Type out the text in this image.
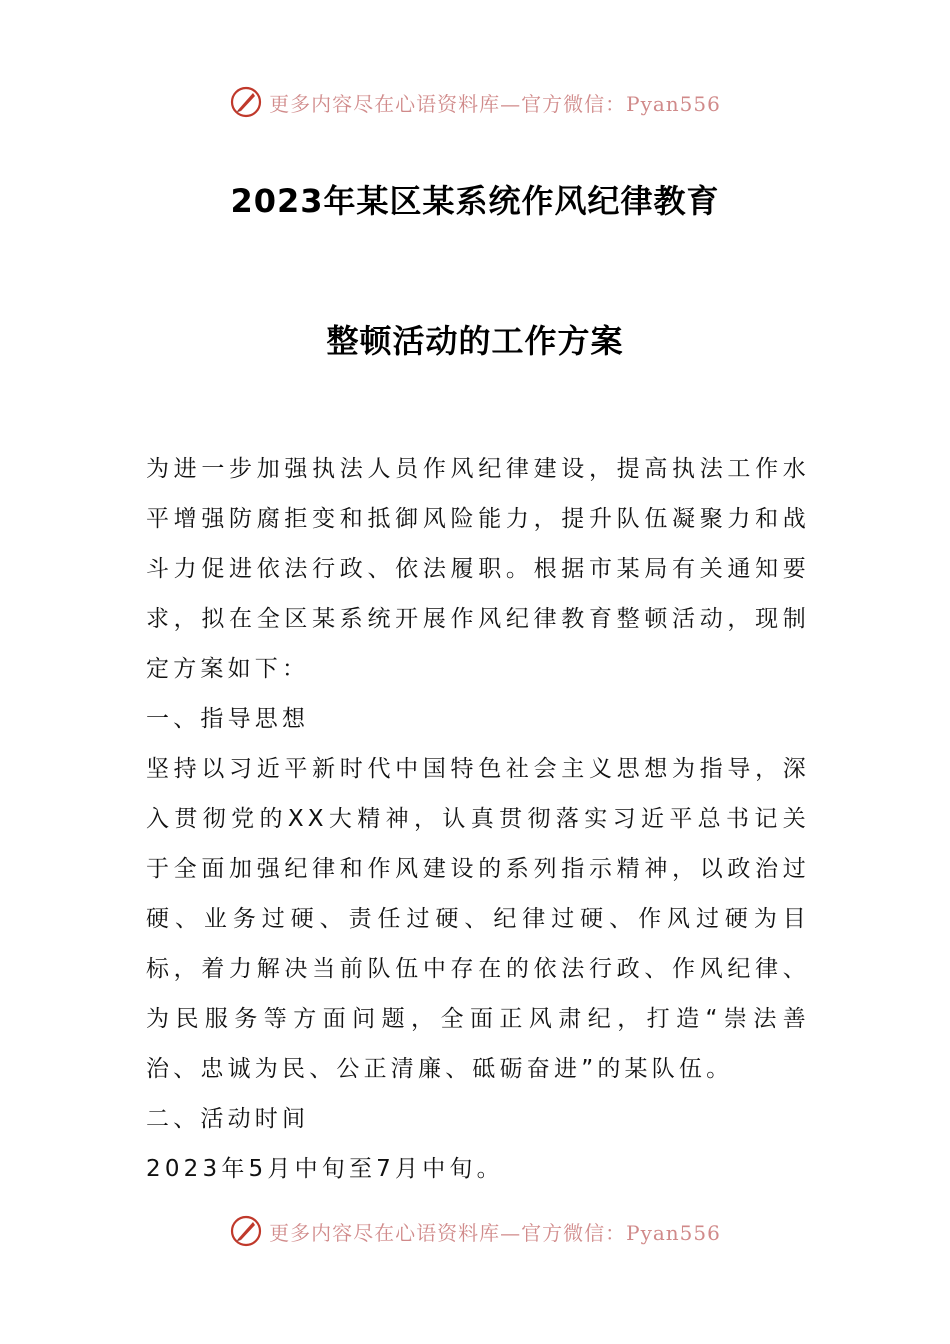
更多内容尽在心语资料库—官方微信：Pyan556
2023年某区某系统作风纪律教育
整顿活动的工作方案

为进一步加强执法人员作风纪律建设，提高执法工作水平增强防腐拒变和抵御风险能力，提升队伍凝聚力和战斗力促进依法行政、依法履职。根据市某局有关通知要求，拟在全区某系统开展作风纪律教育整顿活动，现制定方案如下：

一、指导思想

坚持以习近平新时代中国特色社会主义思想为指导，深入贯彻党的XX大精神，认真贯彻落实习近平总书记关于全面加强纪律和作风建设的系列指示精神，以政治过硬、业务过硬、责任过硬、纪律过硬、作风过硬为目标，着力解决当前队伍中存在的依法行政、作风纪律、为民服务等方面问题，全面正风肃纪，打造“崇法善治、忠诚为民、公正清廉、砥砺奋进”的某队伍。

二、活动时间

2023年5月中旬至7月中旬。

更多内容尽在心语资料库—官方微信：Pyan556
